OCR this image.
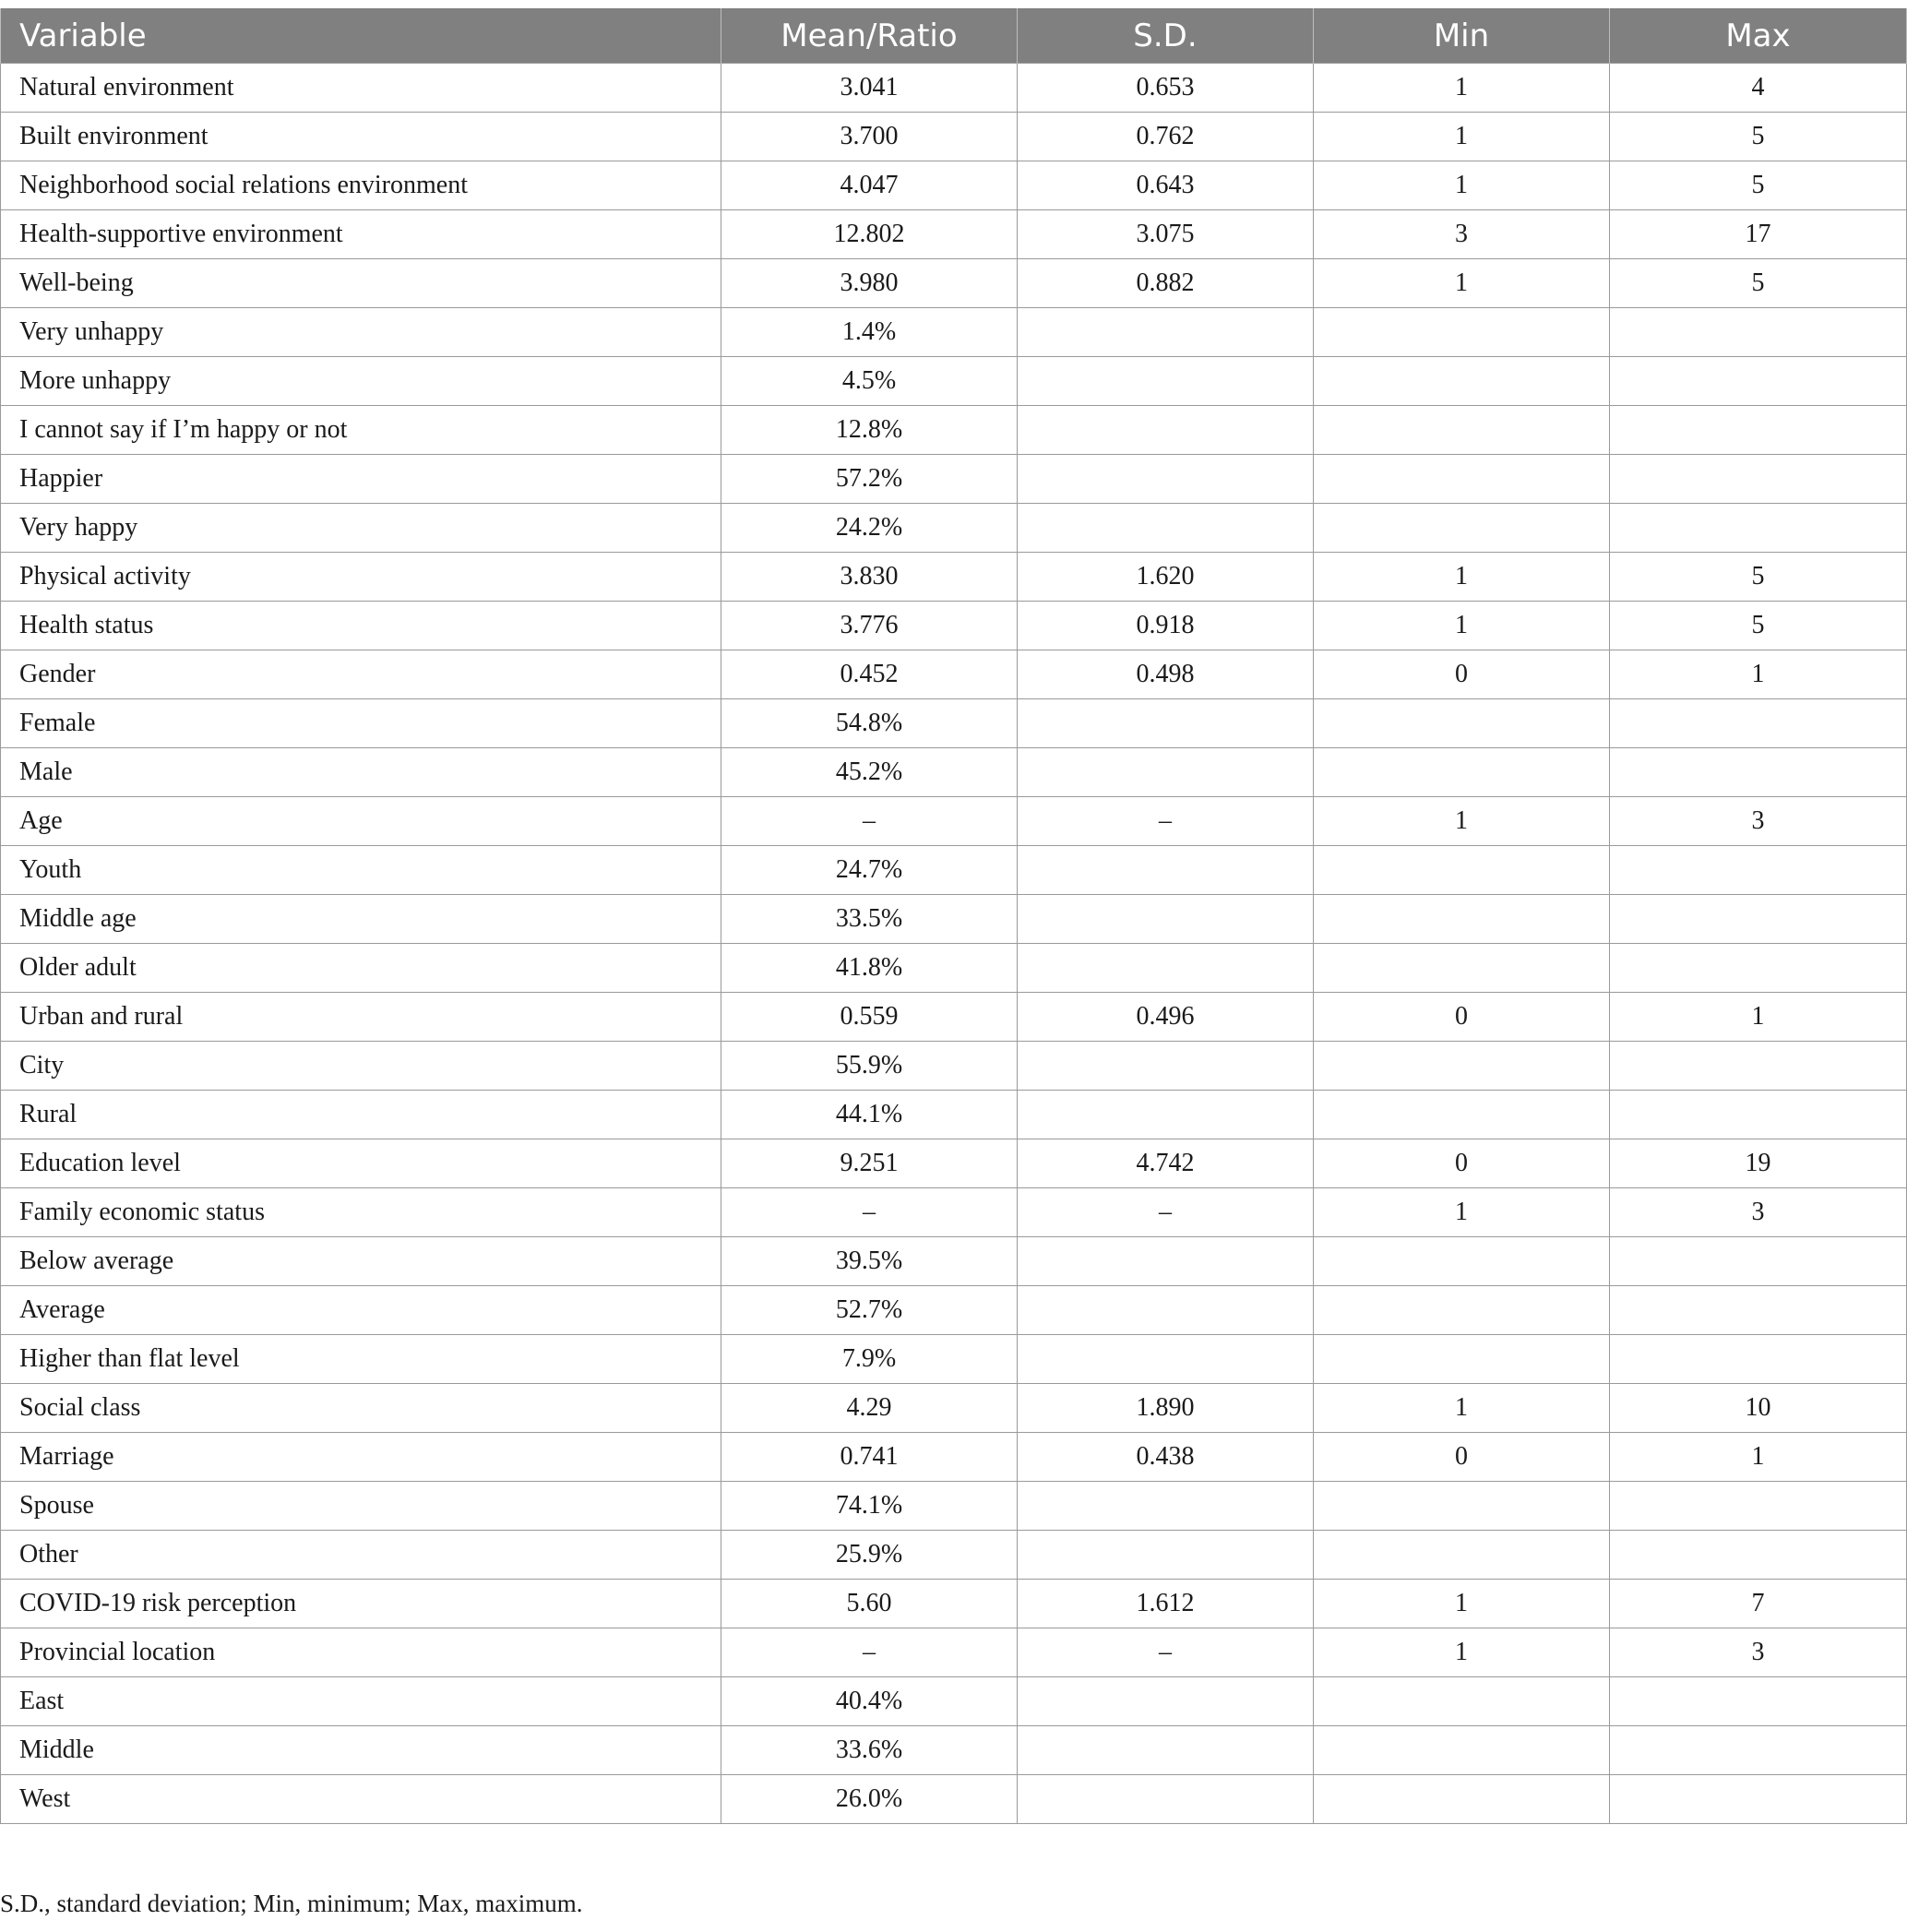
Variable	Mean/Ratio	S.D.	Min	Max
Natural environment	3.041	0.653	1	4
Built environment	3.700	0.762	1	5
Neighborhood social relations environment	4.047	0.643	1	5
Health-supportive environment	12.802	3.075	3	17
Well-being	3.980	0.882	1	5
Very unhappy	1.4%			
More unhappy	4.5%			
I cannot say if I’m happy or not	12.8%			
Happier	57.2%			
Very happy	24.2%			
Physical activity	3.830	1.620	1	5
Health status	3.776	0.918	1	5
Gender	0.452	0.498	0	1
Female	54.8%			
Male	45.2%			
Age	–	–	1	3
Youth	24.7%			
Middle age	33.5%			
Older adult	41.8%			
Urban and rural	0.559	0.496	0	1
City	55.9%			
Rural	44.1%			
Education level	9.251	4.742	0	19
Family economic status	–	–	1	3
Below average	39.5%			
Average	52.7%			
Higher than flat level	7.9%			
Social class	4.29	1.890	1	10
Marriage	0.741	0.438	0	1
Spouse	74.1%			
Other	25.9%			
COVID-19 risk perception	5.60	1.612	1	7
Provincial location	–	–	1	3
East	40.4%			
Middle	33.6%			
West	26.0%			
S.D., standard deviation; Min, minimum; Max, maximum.
